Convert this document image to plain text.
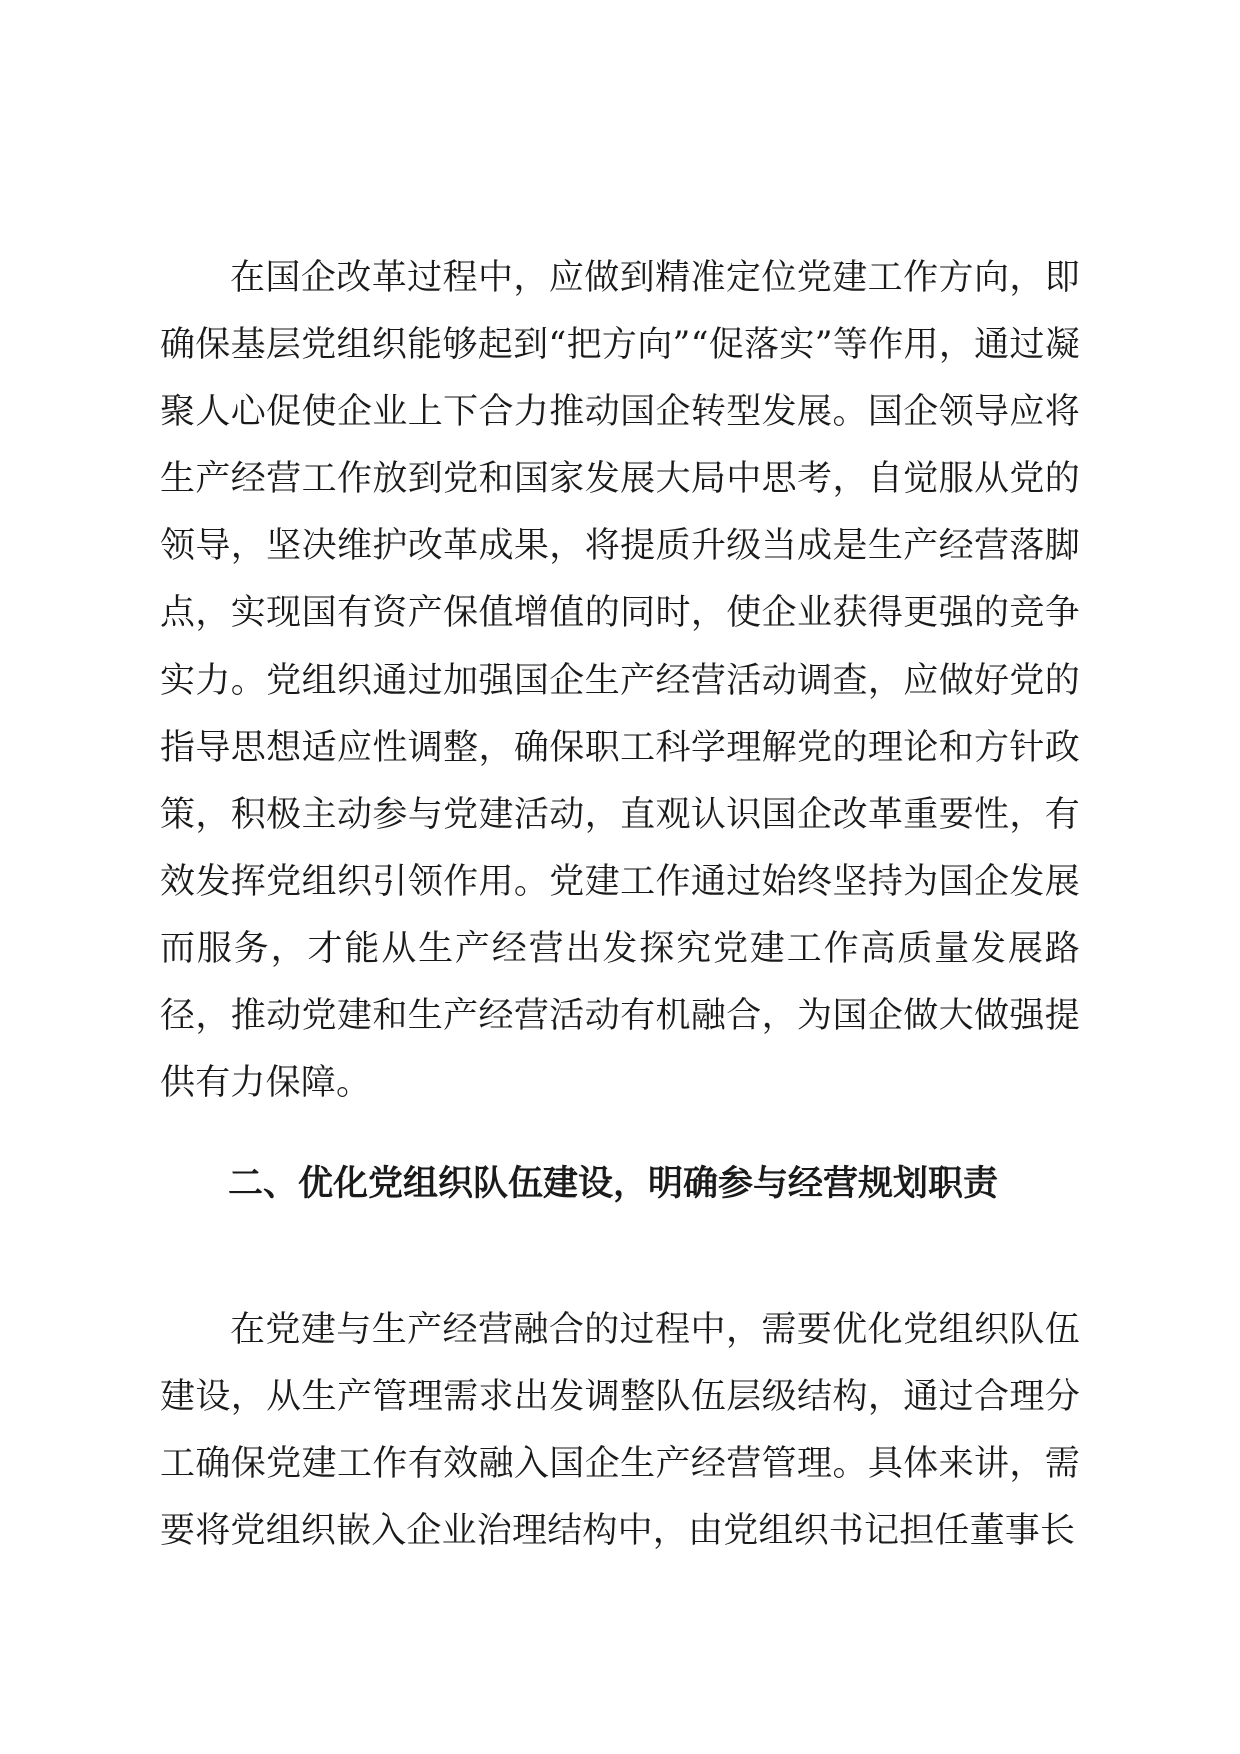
在国企改革过程中，应做到精准定位党建工作方向，即确保基层党组织能够起到“把方向”“促落实”等作用，通过凝聚人心促使企业上下合力推动国企转型发展。国企领导应将生产经营工作放到党和国家发展大局中思考，自觉服从党的领导，坚决维护改革成果，将提质升级当成是生产经营落脚点，实现国有资产保值增值的同时，使企业获得更强的竞争实力。党组织通过加强国企生产经营活动调查，应做好党的指导思想适应性调整，确保职工科学理解党的理论和方针政策，积极主动参与党建活动，直观认识国企改革重要性，有效发挥党组织引领作用。党建工作通过始终坚持为国企发展而服务，才能从生产经营出发探究党建工作高质量发展路径，推动党建和生产经营活动有机融合，为国企做大做强提供有力保障。

二、优化党组织队伍建设，明确参与经营规划职责

在党建与生产经营融合的过程中，需要优化党组织队伍建设，从生产管理需求出发调整队伍层级结构，通过合理分工确保党建工作有效融入国企生产经营管理。具体来讲，需要将党组织嵌入企业治理结构中，由党组织书记担任董事长
